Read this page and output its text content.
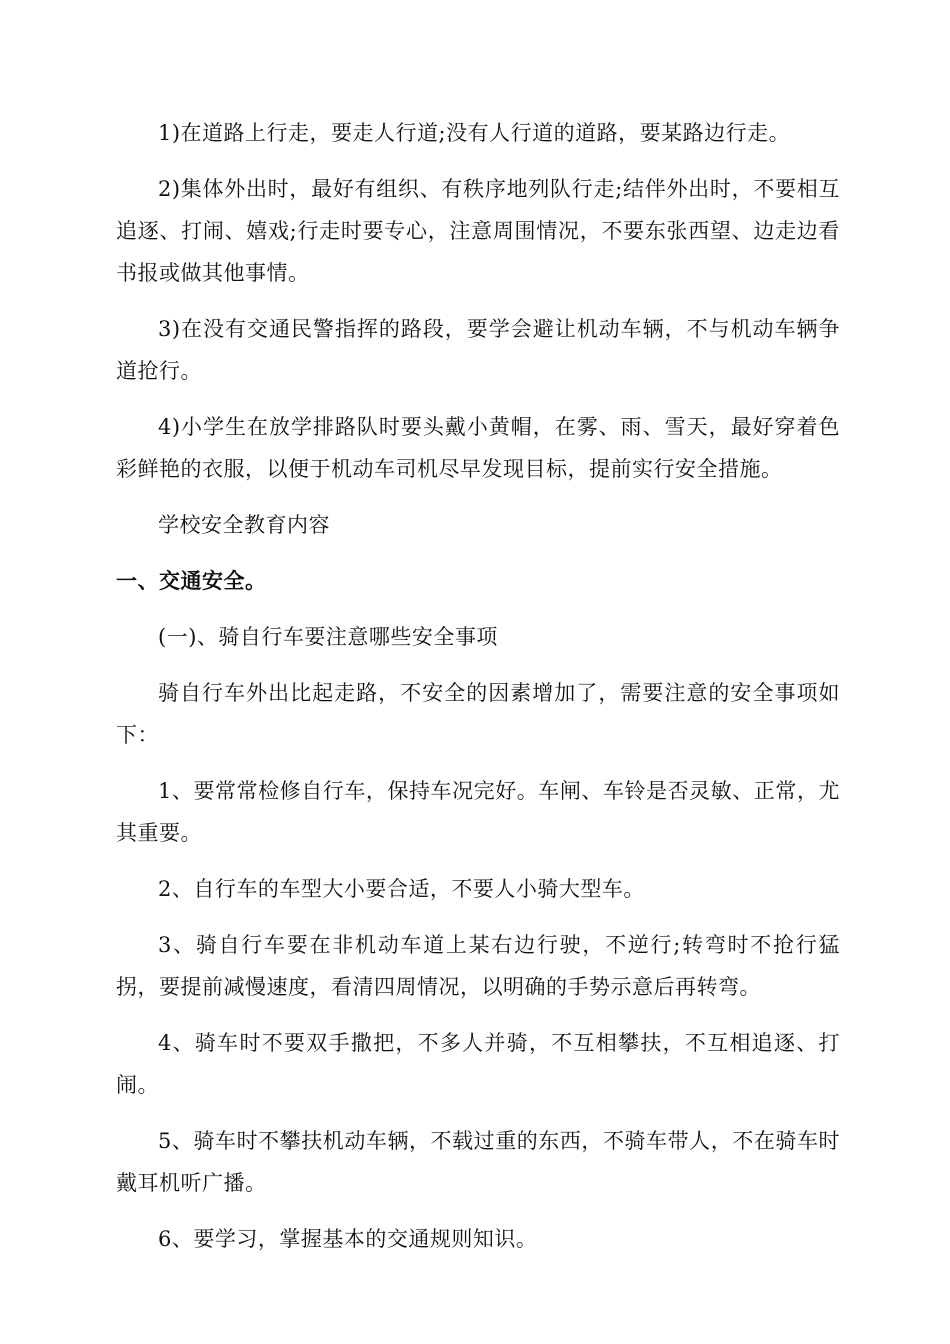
1)在道路上行走，要走人行道;没有人行道的道路，要某路边行走。

2)集体外出时，最好有组织、有秩序地列队行走;结伴外出时，不要相互追逐、打闹、嬉戏;行走时要专心，注意周围情况，不要东张西望、边走边看书报或做其他事情。

3)在没有交通民警指挥的路段，要学会避让机动车辆，不与机动车辆争道抢行。

4)小学生在放学排路队时要头戴小黄帽，在雾、雨、雪天，最好穿着色彩鲜艳的衣服，以便于机动车司机尽早发现目标，提前实行安全措施。

学校安全教育内容

一、交通安全。

(一)、骑自行车要注意哪些安全事项

骑自行车外出比起走路，不安全的因素增加了，需要注意的安全事项如下：

1、要常常检修自行车，保持车况完好。车闸、车铃是否灵敏、正常，尤其重要。

2、自行车的车型大小要合适，不要人小骑大型车。

3、骑自行车要在非机动车道上某右边行驶，不逆行;转弯时不抢行猛拐，要提前减慢速度，看清四周情况，以明确的手势示意后再转弯。

4、骑车时不要双手撒把，不多人并骑，不互相攀扶，不互相追逐、打闹。

5、骑车时不攀扶机动车辆，不载过重的东西，不骑车带人，不在骑车时戴耳机听广播。

6、要学习，掌握基本的交通规则知识。
